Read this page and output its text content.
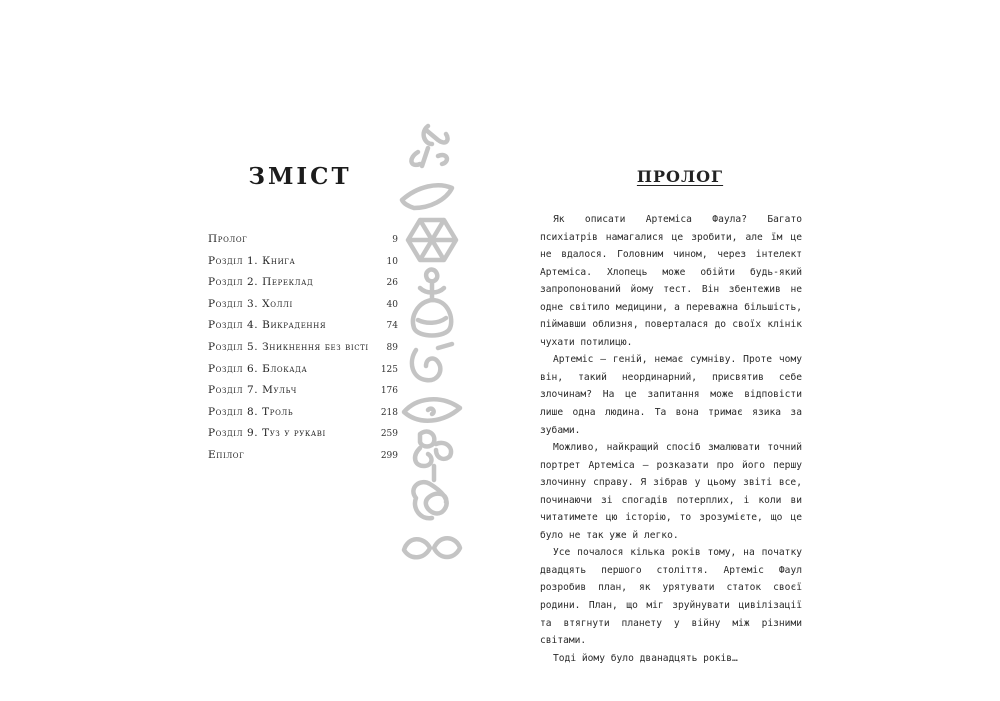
ЗМІСТ
Пролог	9
Розділ 1. Книга	10
Розділ 2. Переклад	26
Розділ 3. Холлі	40
Розділ 4. Викрадення	74
Розділ 5. Зникнення без вісті 89
Розділ 6. Блокада	125
Розділ 7. Мульч	176
Розділ 8. Троль	218
Розділ 9. Туз у рукаві	259
Епілог	299
ПРОЛОГ

Як описати Артеміса Фаула? Багато психіатрів намагалися це зробити, але їм це не вдалося. Головним чином, через інтелект Артеміса. Хлопець може обійти будь-який запропонований йому тест. Він збентежив не одне світило медицини, а переважна більшість, піймавши облизня, поверталася до своїх клінік чухати потилицю.

Артеміс — геній, немає сумніву. Проте чому він, такий неординарний, присвятив себе злочинам? На це запитання може відповісти лише одна людина. Та вона тримає язика за зубами.

Можливо, найкращий спосіб змалювати точний портрет Артеміса — розказати про його першу злочинну справу. Я зібрав у цьому звіті все, починаючи зі спогадів потерплих, і коли ви читатимете цю історію, то зрозумієте, що це було не так уже й легко.

Усе почалося кілька років тому, на початку двадцять першого століття. Артеміс Фаул розробив план, як урятувати статок своєї родини. План, що міг зруйнувати цивілізації та втягнути планету у війну між різними світами.

Тоді йому було дванадцять років…
